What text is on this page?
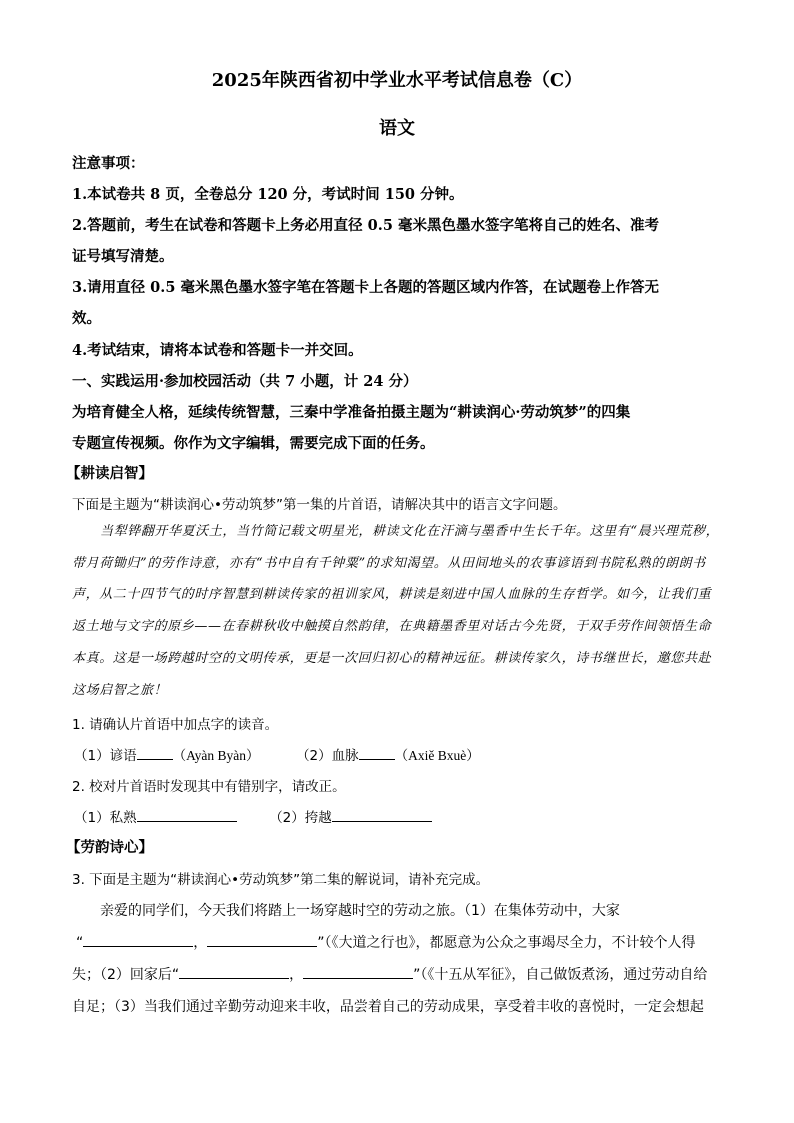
2025年陕西省初中学业水平考试信息卷（C）
语文
注意事项：
1.本试卷共 8 页，全卷总分 120 分，考试时间 150 分钟。
2.答题前，考生在试卷和答题卡上务必用直径 0.5 毫米黑色墨水签字笔将自己的姓名、准考
证号填写清楚。
3.请用直径 0.5 毫米黑色墨水签字笔在答题卡上各题的答题区域内作答，在试题卷上作答无
效。
4.考试结束，请将本试卷和答题卡一并交回。
一、实践运用·参加校园活动（共 7 小题，计 24 分）
为培育健全人格，延续传统智慧，三秦中学准备拍摄主题为“耕读润心·劳动筑梦”的四集
专题宣传视频。你作为文字编辑，需要完成下面的任务。
【耕读启智】
下面是主题为“耕读润心•劳动筑梦”第一集的片首语，请解决其中的语言文字问题。
当犁铧翻开华夏沃土，当竹简记载文明星光，耕读文化在汗滴与墨香中生长千年。这里有“晨兴理荒秽，带月荷锄归”的劳作诗意，亦有“书中自有千钟粟”的求知渴望。从田间地头的农事谚语到书院私熟的朗朗书声，从二十四节气的时序智慧到耕读传家的祖训家风，耕读是刻进中国人血脉的生存哲学。如今，让我们重返土地与文字的原乡——在春耕秋收中触摸自然韵律，在典籍墨香里对话古今先贤，于双手劳作间领悟生命本真。这是一场跨越时空的文明传承，更是一次回归初心的精神远征。耕读传家久，诗书继世长，邀您共赴这场启智之旅！
1. 请确认片首语中加点字的读音。
（1）谚语	（Ayàn Byàn）	（2）血脉	（Axiě Bxuè）
2. 校对片首语时发现其中有错别字，请改正。
（1）私熟	（2）挎越
【劳韵诗心】
3. 下面是主题为“耕读润心•劳动筑梦”第二集的解说词，请补充完成。
亲爱的同学们，今天我们将踏上一场穿越时空的劳动之旅。（1）在集体劳动中，大家
“	，	”（《大道之行也》，都愿意为公众之事竭尽全力，不计较个人得
失；（2）回家后“	，	”（《十五从军征》，自己做饭煮汤，通过劳动自给
自足；（3）当我们通过辛勤劳动迎来丰收，品尝着自己的劳动成果，享受着丰收的喜悦时，一定会想起
